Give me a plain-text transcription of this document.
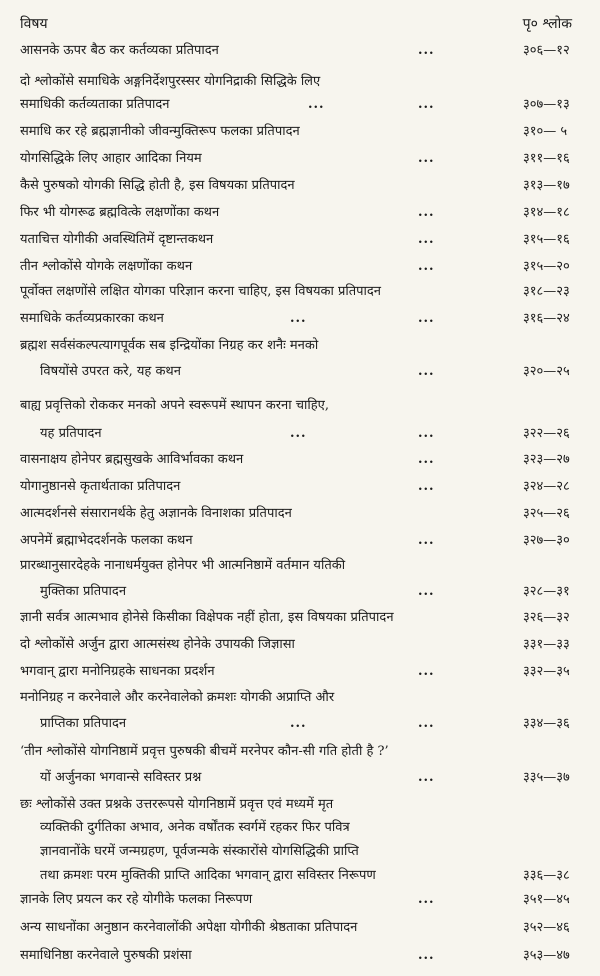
विषय	पृ० श्लोक
आसनके ऊपर बैठ कर कर्तव्यका प्रतिपादन	...	३०६—१२
दो श्लोकोंसे समाधिके अङ्गनिर्देशपुरस्सर योगनिद्राकी सिद्धिके लिए
समाधिकी कर्तव्यताका प्रतिपादन	...	...	३०७—१३
समाधि कर रहे ब्रह्मज्ञानीको जीवन्मुक्तिरूप फलका प्रतिपादन	३१०— ५
योगसिद्धिके लिए आहार आदिका नियम	...	३११—१६
कैसे पुरुषको योगकी सिद्धि होती है, इस विषयका प्रतिपादन	३१३—१७
फिर भी योगरूढ ब्रह्मवित्के लक्षणोंका कथन	...	३१४—१८
यताचित्त योगीकी अवस्थितिमें दृष्टान्तकथन	...	३१५—१६
तीन श्लोकोंसे योगके लक्षणोंका कथन	...	३१५—२०
पूर्वोक्त लक्षणोंसे लक्षित योगका परिज्ञान करना चाहिए, इस विषयका प्रतिपादन	३१८—२३
समाधिके कर्तव्यप्रकारका कथन	...	...	३१६—२४
ब्रह्मश सर्वसंकल्पत्यागपूर्वक सब इन्द्रियोंका निग्रह कर शनैः मनको
विषयोंसे उपरत करे, यह कथन	...	३२०—२५
बाह्य प्रवृत्तिको रोककर मनको अपने स्वरूपमें स्थापन करना चाहिए,
यह प्रतिपादन	...	...	३२२—२६
वासनाक्षय होनेपर ब्रह्मसुखके आविर्भावका कथन	...	३२३—२७
योगानुष्ठानसे कृतार्थताका प्रतिपादन	...	३२४—२८
आत्मदर्शनसे संसारानर्थके हेतु अज्ञानके विनाशका प्रतिपादन	३२५—२६
अपनेमें ब्रह्माभेददर्शनके फलका कथन	...	३२७—३०
प्रारब्धानुसारदेहके नानाधर्मयुक्त होनेपर भी आत्मनिष्ठामें वर्तमान यतिकी
मुक्तिका प्रतिपादन	...	३२८—३१
ज्ञानी सर्वत्र आत्मभाव होनेसे किसीका विक्षेपक नहीं होता, इस विषयका प्रतिपादन	३२६—३२
दो श्लोकोंसे अर्जुन द्वारा आत्मसंस्थ होनेके उपायकी जिज्ञासा	३३१—३३
भगवान् द्वारा मनोनिग्रहके साधनका प्रदर्शन	...	३३२—३५
मनोनिग्रह न करनेवाले और करनेवालेको क्रमशः योगकी अप्राप्ति और
प्राप्तिका प्रतिपादन	...	...	३३४—३६
‘तीन श्लोकोंसे योगनिष्ठामें प्रवृत्त पुरुषकी बीचमें मरनेपर कौन-सी गति होती है ?’
यों अर्जुनका भगवान्से सविस्तर प्रश्न	...	३३५—३७
छः श्लोकोंसे उक्त प्रश्नके उत्तररूपसे योगनिष्ठामें प्रवृत्त एवं मध्यमें मृत
व्यक्तिकी दुर्गतिका अभाव, अनेक वर्षोंतक स्वर्गमें रहकर फिर पवित्र
ज्ञानवानोंके घरमें जन्मग्रहण, पूर्वजन्मके संस्कारोंसे योगसिद्धिकी प्राप्ति
तथा क्रमशः परम मुक्तिकी प्राप्ति आदिका भगवान् द्वारा सविस्तर निरूपण	३३६—३८
ज्ञानके लिए प्रयत्न कर रहे योगीके फलका निरूपण	...	३५१—४५
अन्य साधनोंका अनुष्ठान करनेवालोंकी अपेक्षा योगीकी श्रेष्ठताका प्रतिपादन	३५२—४६
समाधिनिष्ठा करनेवाले पुरुषकी प्रशंसा	...	३५३—४७
